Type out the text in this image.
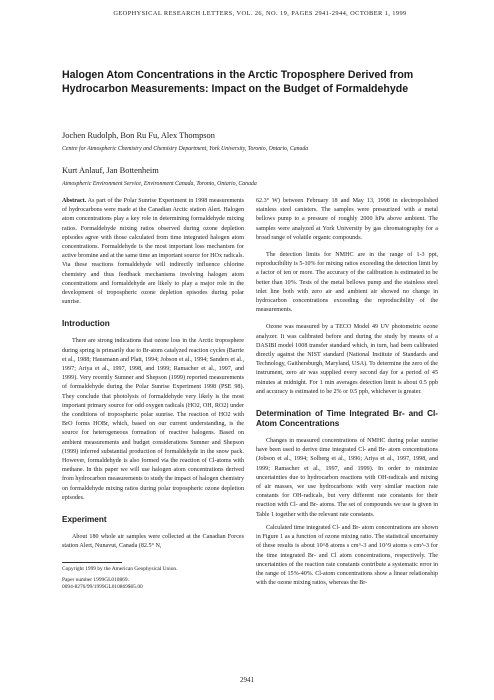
GEOPHYSICAL RESEARCH LETTERS, VOL. 26, NO. 19, PAGES 2941-2944, OCTOBER 1, 1999
Halogen Atom Concentrations in the Arctic Troposphere Derived from Hydrocarbon Measurements: Impact on the Budget of Formaldehyde

Jochen Rudolph, Bon Ru Fu, Alex Thompson

Centre for Atmospheric Chemistry and Chemistry Department, York University, Toronto, Ontario, Canada

Kurt Anlauf, Jan Bottenheim

Atmospheric Environment Service, Environment Canada, Toronto, Ontario, Canada

Abstract. As part of the Polar Sunrise Experiment in 1998 measurements of hydrocarbons were made at the Canadian Arctic station Alert. Halogen atom concentrations play a key role in determining formaldehyde mixing ratios. Formaldehyde mixing ratios observed during ozone depletion episodes agree with those calculated from time integrated halogen atom concentrations. Formaldehyde is the most important loss mechanism for active bromine and at the same time an important source for HOx radicals. Via these reactions formaldehyde will indirectly influence chlorine chemistry and thus feedback mechanisms involving halogen atom concentrations and formaldehyde are likely to play a major role in the development of tropospheric ozone depletion episodes during polar sunrise.

Introduction

There are strong indications that ozone loss in the Arctic troposphere during spring is primarily due to Br-atom catalyzed reaction cycles (Barrie et al., 1988; Hausmann and Platt, 1994; Jobson et al., 1994; Sanders et al., 1997; Ariya et al., 1997, 1998, and 1999; Ramacher et al., 1997, and 1999). Very recently Sumner and Shepson (1999) reported measurements of formaldehyde during the Polar Sunrise Experiment 1998 (PSE 98). They conclude that photolysis of formaldehyde very likely is the most important primary source for odd oxygen radicals (HO2, OH, RO2) under the conditions of tropospheric polar sunrise. The reaction of HO2 with BrO forms HOBr, which, based on our current understanding, is the source for heterogeneous formation of reactive halogens. Based on ambient measurements and budget considerations Sumner and Shepson (1999) inferred substantial production of formaldehyde in the snow pack. However, formaldehyde is also formed via the reaction of Cl-atoms with methane. In this paper we will use halogen atom concentrations derived from hydrocarbon measurements to study the impact of halogen chemistry on formaldehyde mixing ratios during polar tropospheric ozone depletion episodes.

Experiment

About 180 whole air samples were collected at the Canadian Forces station Alert, Nunavut, Canada (82.5° N,

Copyright 1999 by the American Geophysical Union.

Paper number 1999GL010869.

0094-8276/99/1999GL010869$05.00

62.3° W) between February 18 and May 13, 1998 in electropolished stainless steel canisters. The samples were pressurized with a metal bellows pump to a pressure of roughly 2000 hPa above ambient. The samples were analyzed at York University by gas chromatography for a broad range of volatile organic compounds.

The detection limits for NMHC are in the range of 1-3 ppt, reproducibility is 5-10% for mixing ratios exceeding the detection limit by a factor of ten or more. The accuracy of the calibration is estimated to be better than 10%. Tests of the metal bellows pump and the stainless steel inlet line both with zero air and ambient air showed no change in hydrocarbon concentrations exceeding the reproducibility of the measurements.

Ozone was measured by a TECO Model 49 UV photometric ozone analyzer. It was calibrated before and during the study by means of a DASIBI model 1008 transfer standard which, in turn, had been calibrated directly against the NIST standard (National Institute of Standards and Technology, Gaithersburgh, Maryland, USA). To determine the zero of the instrument, zero air was supplied every second day for a period of 45 minutes at midnight. For 1 min averages detection limit is about 0.5 ppb and accuracy is estimated to be 2% or 0.5 ppb, whichever is greater.

Determination of Time Integrated Br- and Cl-Atom Concentrations

Changes in measured concentrations of NMHC during polar sunrise have been used to derive time integrated Cl- and Br- atom concentrations (Jobson et al., 1994; Solberg et al., 1996; Ariya et al., 1997, 1998, and 1999; Ramacher et al., 1997, and 1999). In order to minimize uncertainties due to hydrocarbon reactions with OH-radicals and mixing of air masses, we use hydrocarbons with very similar reaction rate constants for OH-radicals, but very different rate constants for their reaction with Cl- and Br- atoms. The set of compounds we use is given in Table 1 together with the relevant rate constants.

Calculated time integrated Cl- and Br- atom concentrations are shown in Figure 1 as a function of ozone mixing ratio. The statistical uncertainty of these results is about 10^8 atoms s cm^-3 and 10^9 atoms s cm^-3 for the time integrated Br- and Cl atom concentrations, respectively. The uncertainties of the reaction rate constants contribute a systematic error in the range of 15%-40%. Cl-atom concentrations show a linear relationship with the ozone mixing ratios, whereas the Br-

2941
